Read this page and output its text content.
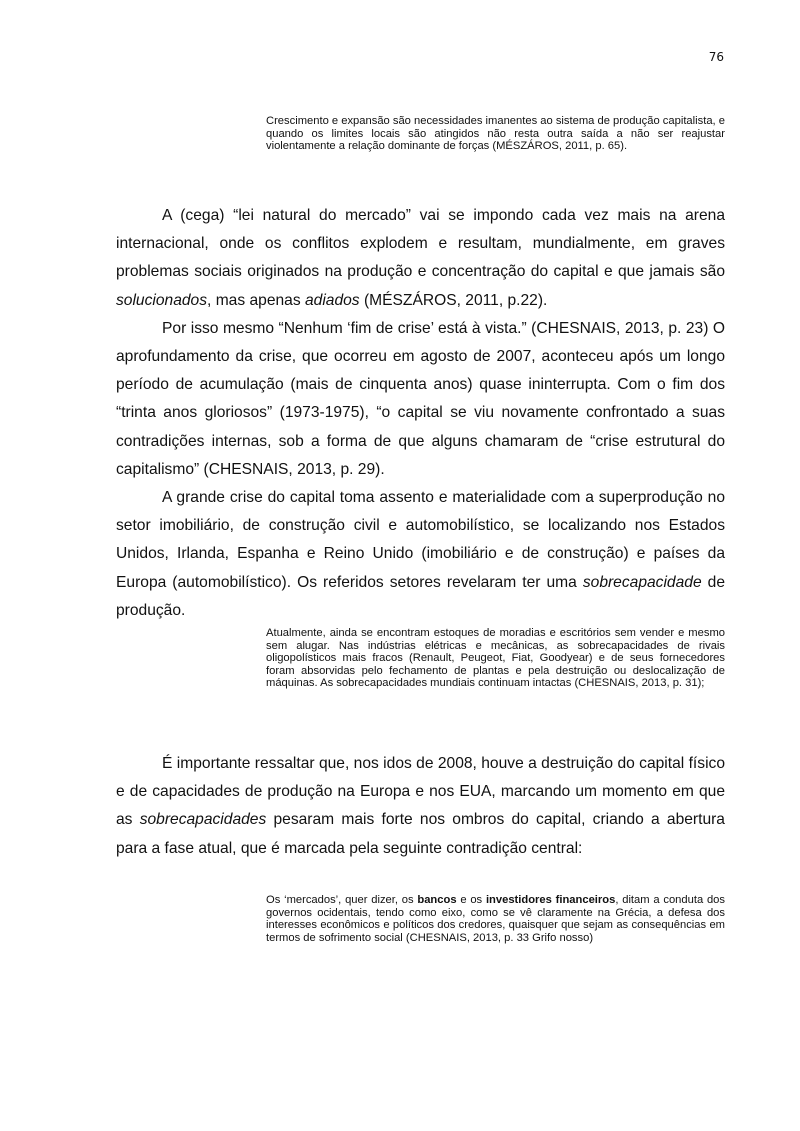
76

Crescimento e expansão são necessidades imanentes ao sistema de produção capitalista, e quando os limites locais são atingidos não resta outra saída a não ser reajustar violentamente a relação dominante de forças (MÉSZÁROS, 2011, p. 65).

A (cega) “lei natural do mercado” vai se impondo cada vez mais na arena internacional, onde os conflitos explodem e resultam, mundialmente, em graves problemas sociais originados na produção e concentração do capital e que jamais são solucionados, mas apenas adiados (MÉSZÁROS, 2011, p.22).

Por isso mesmo “Nenhum ‘fim de crise’ está à vista.” (CHESNAIS, 2013, p. 23) O aprofundamento da crise, que ocorreu em agosto de 2007, aconteceu após um longo período de acumulação (mais de cinquenta anos) quase ininterrupta. Com o fim dos “trinta anos gloriosos” (1973-1975), “o capital se viu novamente confrontado a suas contradições internas, sob a forma de que alguns chamaram de “crise estrutural do capitalismo” (CHESNAIS, 2013, p. 29).

A grande crise do capital toma assento e materialidade com a superprodução no setor imobiliário, de construção civil e automobilístico, se localizando nos Estados Unidos, Irlanda, Espanha e Reino Unido (imobiliário e de construção) e países da Europa (automobilístico). Os referidos setores revelaram ter uma sobrecapacidade de produção.

Atualmente, ainda se encontram estoques de moradias e escritórios sem vender e mesmo sem alugar. Nas indústrias elétricas e mecânicas, as sobrecapacidades de rivais oligopolísticos mais fracos (Renault, Peugeot, Fiat, Goodyear) e de seus fornecedores foram absorvidas pelo fechamento de plantas e pela destruição ou deslocalização de máquinas. As sobrecapacidades mundiais continuam intactas (CHESNAIS, 2013, p. 31);

É importante ressaltar que, nos idos de 2008, houve a destruição do capital físico e de capacidades de produção na Europa e nos EUA, marcando um momento em que as sobrecapacidades pesaram mais forte nos ombros do capital, criando a abertura para a fase atual, que é marcada pela seguinte contradição central:

Os ‘mercados’, quer dizer, os bancos e os investidores financeiros, ditam a conduta dos governos ocidentais, tendo como eixo, como se vê claramente na Grécia, a defesa dos interesses econômicos e políticos dos credores, quaisquer que sejam as consequências em termos de sofrimento social (CHESNAIS, 2013, p. 33 Grifo nosso)
